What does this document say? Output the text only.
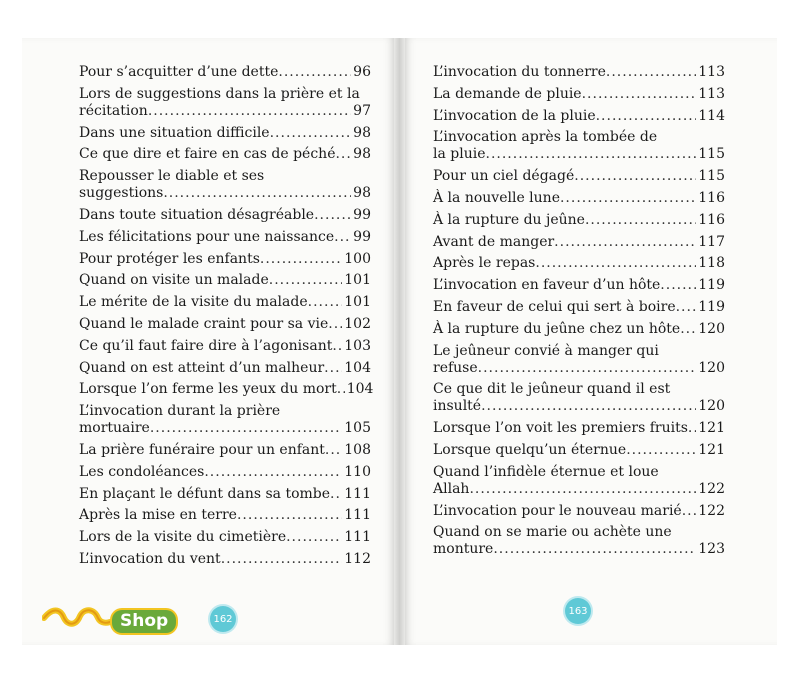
Pour s’acquitter d’une dette .....	96
Lors de suggestions dans la prière et la
récitation .....	97
Dans une situation difficile .....	98
Ce que dire et faire en cas de péché ..... 98
Repousser le diable et ses
suggestions .....	98
Dans toute situation désagréable .....	99
Les félicitations pour une naissance ..... 99
Pour protéger les enfants .....	100
Quand on visite un malade .....	101
Le mérite de la visite du malade .....	101
Quand le malade craint pour sa vie ..... 102
Ce qu’il faut faire dire à l’agonisant ..... 103
Quand on est atteint d’un malheur ..... 104
Lorsque l’on ferme les yeux du mort ..... 104
L’invocation durant la prière
mortuaire .....	105
La prière funéraire pour un enfant ..... 108
Les condoléances .....	110
En plaçant le défunt dans sa tombe ..... 111
Après la mise en terre .....	111
Lors de la visite du cimetière .....	111
L’invocation du vent .....	112
L’invocation du tonnerre .....	113
La demande de pluie .....	113
L’invocation de la pluie .....	114
L’invocation après la tombée de
la pluie .....	115
Pour un ciel dégagé .....	115
À la nouvelle lune .....	116
À la rupture du jeûne .....	116
Avant de manger .....	117
Après le repas .....	118
L’invocation en faveur d’un hôte .....	119
En faveur de celui qui sert à boire ..... 119
À la rupture du jeûne chez un hôte ..... 120
Le jeûneur convié à manger qui
refuse .....	120
Ce que dit le jeûneur quand il est
insulté .....	120
Lorsque l’on voit les premiers fruits ..... 121
Lorsque quelqu’un éternue .....	121
Quand l’infidèle éternue et loue
Allah .....	122
L’invocation pour le nouveau marié ..... 122
Quand on se marie ou achète une
monture .....	123
162
163
Shop
